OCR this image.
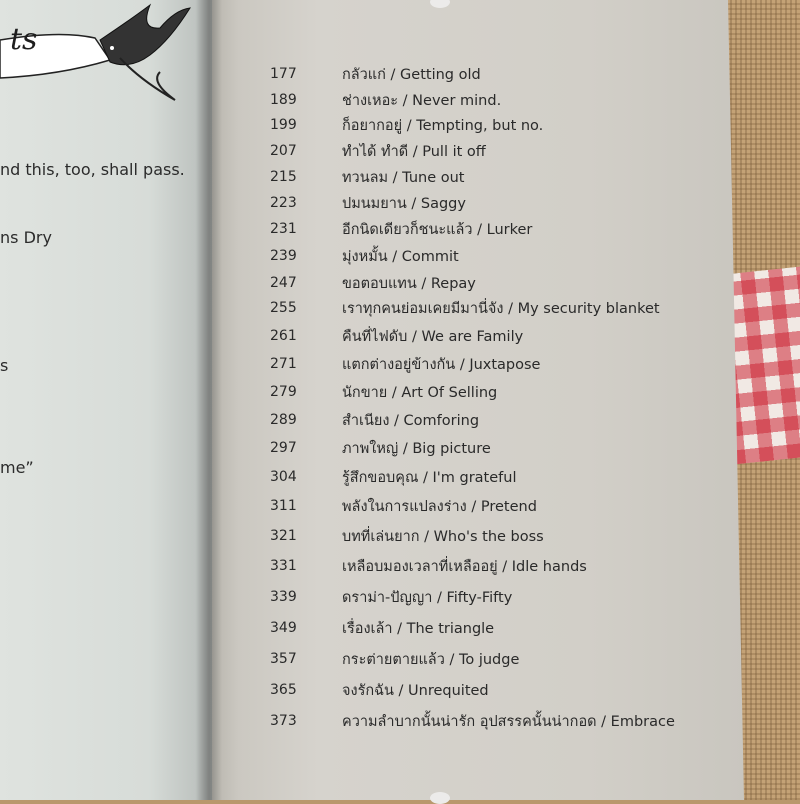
ts
nd this, too, shall pass.
ns Dry
s
me”
177	กลัวแก่ / Getting old
189	ช่างเหอะ / Never mind.
199	ก็อยากอยู่ / Tempting, but no.
207	ทำได้ ทำดี / Pull it off
215	ทวนลม / Tune out
223	ปมนมยาน / Saggy
231	อีกนิดเดียวก็ชนะแล้ว / Lurker
239	มุ่งหมั้น / Commit
247	ขอตอบแทน / Repay
255	เราทุกคนย่อมเคยมีมานี่จัง / My security blanket
261	คืนที่ไฟดับ / We are Family
271	แตกต่างอยู่ข้างกัน / Juxtapose
279	นักขาย / Art Of Selling
289	สำเนียง / Comforing
297	ภาพใหญ่ / Big picture
304	รู้สึกขอบคุณ / I'm grateful
311	พลังในการแปลงร่าง / Pretend
321	บทที่เล่นยาก / Who's the boss
331	เหลือบมองเวลาที่เหลืออยู่ / Idle hands
339	ดราม่า-ปัญญา / Fifty-Fifty
349	เรื่องเล้า / The triangle
357	กระต่ายตายแล้ว / To judge
365	จงรักฉัน / Unrequited
373	ความลำบากนั้นน่ารัก อุปสรรคนั้นน่ากอด / Embrace
